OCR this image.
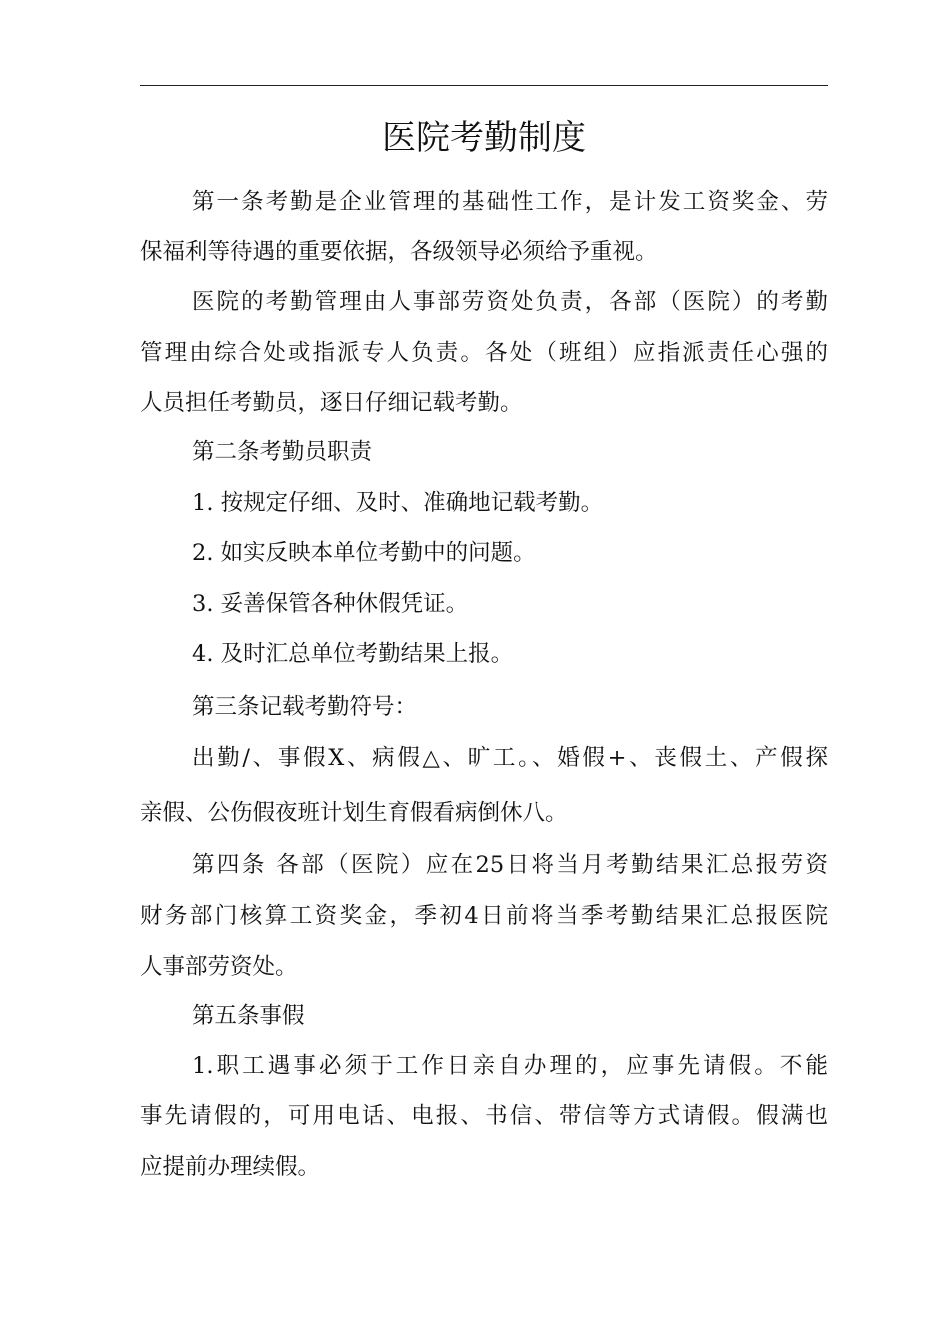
医院考勤制度
第一条考勤是企业管理的基础性工作，是计发工资奖金、劳
保福利等待遇的重要依据，各级领导必须给予重视。
医院的考勤管理由人事部劳资处负责，各部（医院）的考勤
管理由综合处或指派专人负责。各处（班组）应指派责任心强的
人员担任考勤员，逐日仔细记载考勤。
第二条考勤员职责
1. 按规定仔细、及时、准确地记载考勤。
2. 如实反映本单位考勤中的问题。
3. 妥善保管各种休假凭证。
4. 及时汇总单位考勤结果上报。
第三条记载考勤符号：
出勤/、事假X、病假△、旷工。、婚假+、丧假土、产假探
亲假、公伤假夜班计划生育假看病倒休八。
第四条 各部（医院）应在25日将当月考勤结果汇总报劳资
财务部门核算工资奖金，季初4日前将当季考勤结果汇总报医院
人事部劳资处。
第五条事假
1.职工遇事必须于工作日亲自办理的，应事先请假。不能
事先请假的，可用电话、电报、书信、带信等方式请假。假满也
应提前办理续假。
